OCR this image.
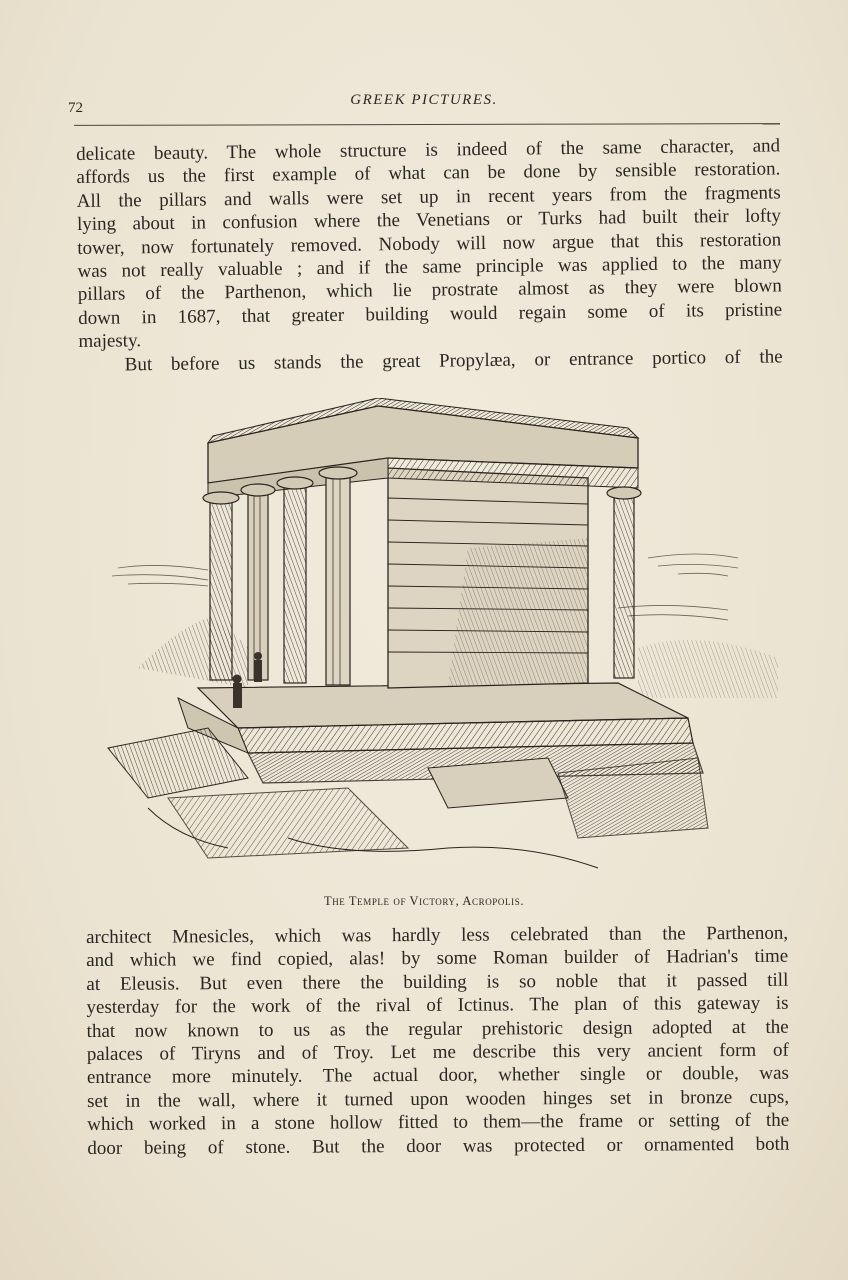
72	GREEK PICTURES.
delicate beauty. The whole structure is indeed of the same character, and
affords us the first example of what can be done by sensible restoration.
All the pillars and walls were set up in recent years from the fragments
lying about in confusion where the Venetians or Turks had built their lofty
tower, now fortunately removed. Nobody will now argue that this restoration
was not really valuable ; and if the same principle was applied to the many
pillars of the Parthenon, which lie prostrate almost as they were blown
down in 1687, that greater building would regain some of its pristine
majesty.
But before us stands the great Propylæa, or entrance portico of the
The Temple of Victory, Acropolis.
architect Mnesicles, which was hardly less celebrated than the Parthenon,
and which we find copied, alas! by some Roman builder of Hadrian's time
at Eleusis. But even there the building is so noble that it passed till
yesterday for the work of the rival of Ictinus. The plan of this gateway is
that now known to us as the regular prehistoric design adopted at the
palaces of Tiryns and of Troy. Let me describe this very ancient form of
entrance more minutely. The actual door, whether single or double, was
set in the wall, where it turned upon wooden hinges set in bronze cups,
which worked in a stone hollow fitted to them—the frame or setting of the
door being of stone. But the door was protected or ornamented both
